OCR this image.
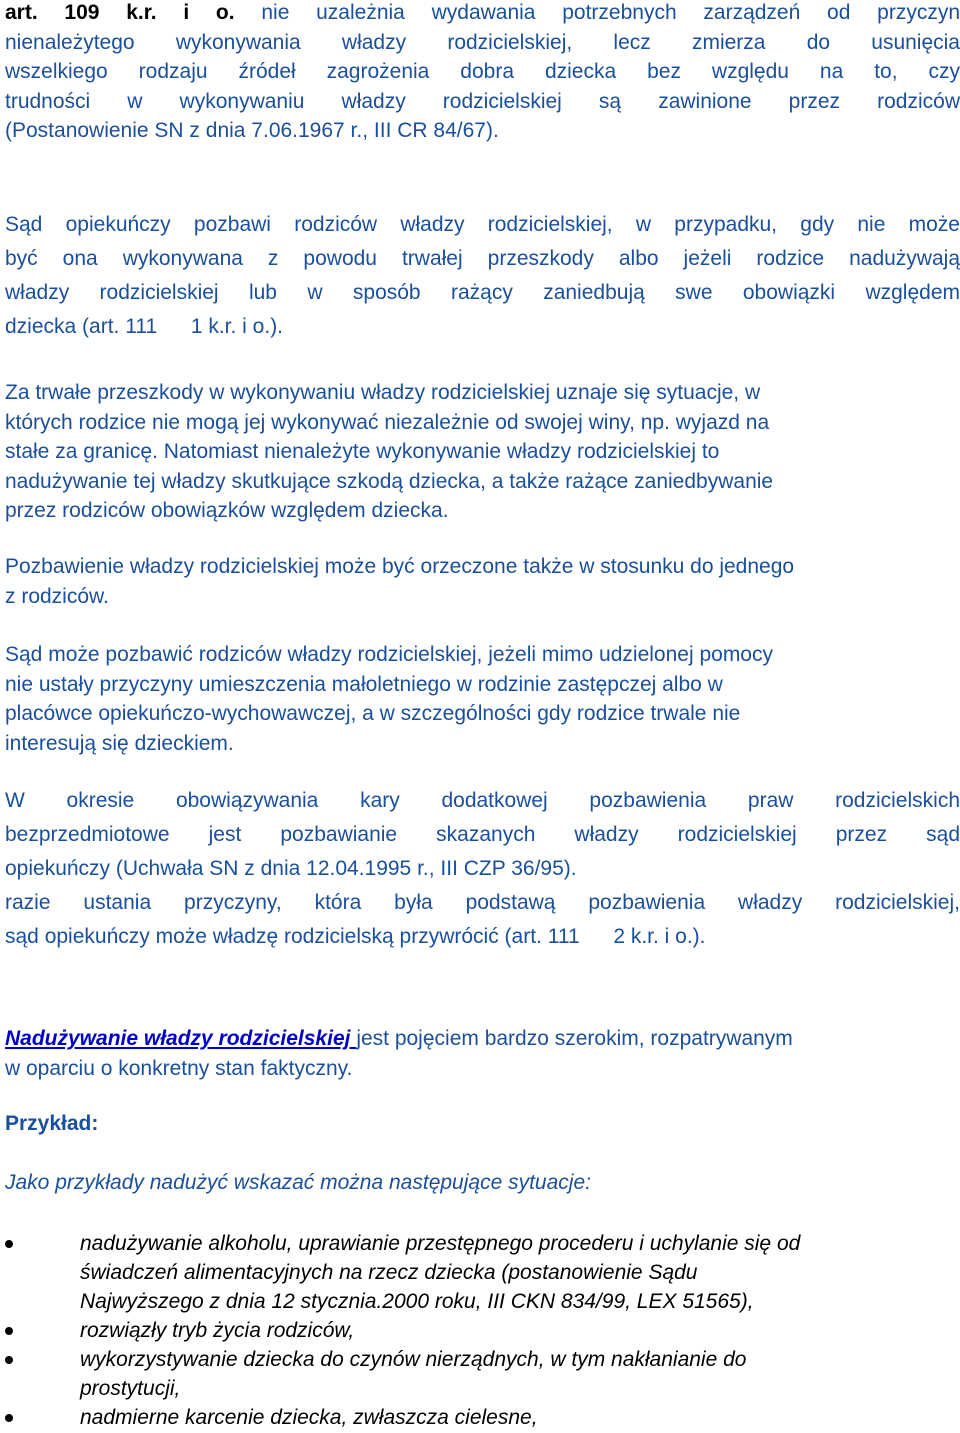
art. 109 k.r. i o. nie uzależnia wydawania potrzebnych zarządzeń od przyczyn

nienależytego wykonywania władzy rodzicielskiej, lecz zmierza do usunięcia

wszelkiego rodzaju źródeł zagrożenia dobra dziecka bez względu na to, czy

trudności w wykonywaniu władzy rodzicielskiej są zawinione przez rodziców

(Postanowienie SN z dnia 7.06.1967 r., III CR 84/67).

Sąd opiekuńczy pozbawi rodziców władzy rodzicielskiej, w przypadku, gdy nie może

być ona wykonywana z powodu trwałej przeszkody albo jeżeli rodzice nadużywają

władzy rodzicielskiej lub w sposób rażący zaniedbują swe obowiązki względem

dziecka (art. 111 1 k.r. i o.).

Za trwałe przeszkody w wykonywaniu władzy rodzicielskiej uznaje się sytuacje, w

których rodzice nie mogą jej wykonywać niezależnie od swojej winy, np. wyjazd na

stałe za granicę. Natomiast nienależyte wykonywanie władzy rodzicielskiej to

nadużywanie tej władzy skutkujące szkodą dziecka, a także rażące zaniedbywanie

przez rodziców obowiązków względem dziecka.

Pozbawienie władzy rodzicielskiej może być orzeczone także w stosunku do jednego

z rodziców.

Sąd może pozbawić rodziców władzy rodzicielskiej, jeżeli mimo udzielonej pomocy

nie ustały przyczyny umieszczenia małoletniego w rodzinie zastępczej albo w

placówce opiekuńczo-wychowawczej, a w szczególności gdy rodzice trwale nie

interesują się dzieckiem.

W okresie obowiązywania kary dodatkowej pozbawienia praw rodzicielskich

bezprzedmiotowe jest pozbawianie skazanych władzy rodzicielskiej przez sąd

opiekuńczy (Uchwała SN z dnia 12.04.1995 r., III CZP 36/95).

razie ustania przyczyny, która była podstawą pozbawienia władzy rodzicielskiej,

sąd opiekuńczy może władzę rodzicielską przywrócić (art. 111 2 k.r. i o.).

Nadużywanie władzy rodzicielskiej jest pojęciem bardzo szerokim, rozpatrywanym

w oparciu o konkretny stan faktyczny.

Przykład:

Jako przykłady nadużyć wskazać można następujące sytuacje:

nadużywanie alkoholu, uprawianie przestępnego procederu i uchylanie się od
świadczeń alimentacyjnych na rzecz dziecka (postanowienie Sądu
Najwyższego z dnia 12 stycznia.2000 roku, III CKN 834/99, LEX 51565),
rozwiązły tryb życia rodziców,
wykorzystywanie dziecka do czynów nierządnych, w tym nakłanianie do
prostytucji,
nadmierne karcenie dziecka, zwłaszcza cielesne,
